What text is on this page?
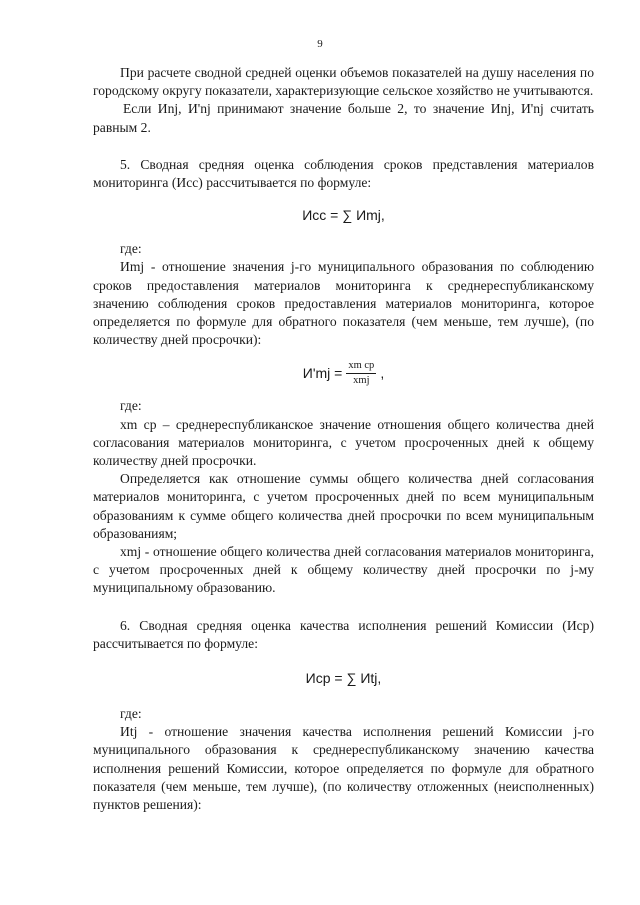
9

При расчете сводной средней оценки объемов показателей на душу населения по городскому округу показатели, характеризующие сельское хозяйство не учитываются.

Если Иnj, И'nj принимают значение больше 2, то значение Иnj, И'nj считать равным 2.

5. Сводная средняя оценка соблюдения сроков представления материалов мониторинга (Исс) рассчитывается по формуле:

Исс = ∑ Иmj,

где:

Иmj - отношение значения j-го муниципального образования по соблюдению сроков предоставления материалов мониторинга к среднереспубликанскому значению соблюдения сроков предоставления материалов мониторинга, которое определяется по формуле для обратного показателя (чем меньше, тем лучше), (по количеству дней просрочки):

$И'mj = \frac{\text{xm cp}}{\text{xmj}}$ ,

где:

xm cp – среднереспубликанское значение отношения общего количества дней согласования материалов мониторинга, с учетом просроченных дней к общему количеству дней просрочки.

Определяется как отношение суммы общего количества дней согласования материалов мониторинга, с учетом просроченных дней по всем муниципальным образованиям к сумме общего количества дней просрочки по всем муниципальным образованиям;

xmj - отношение общего количества дней согласования материалов мониторинга, с учетом просроченных дней к общему количеству дней просрочки по j-му муниципальному образованию.

6. Сводная средняя оценка качества исполнения решений Комиссии (Иср) рассчитывается по формуле:

Иср = ∑ Иtj,

где:

Иtj - отношение значения качества исполнения решений Комиссии j-го муниципального образования к среднереспубликанскому значению качества исполнения решений Комиссии, которое определяется по формуле для обратного показателя (чем меньше, тем лучше), (по количеству отложенных (неисполненных) пунктов решения):
